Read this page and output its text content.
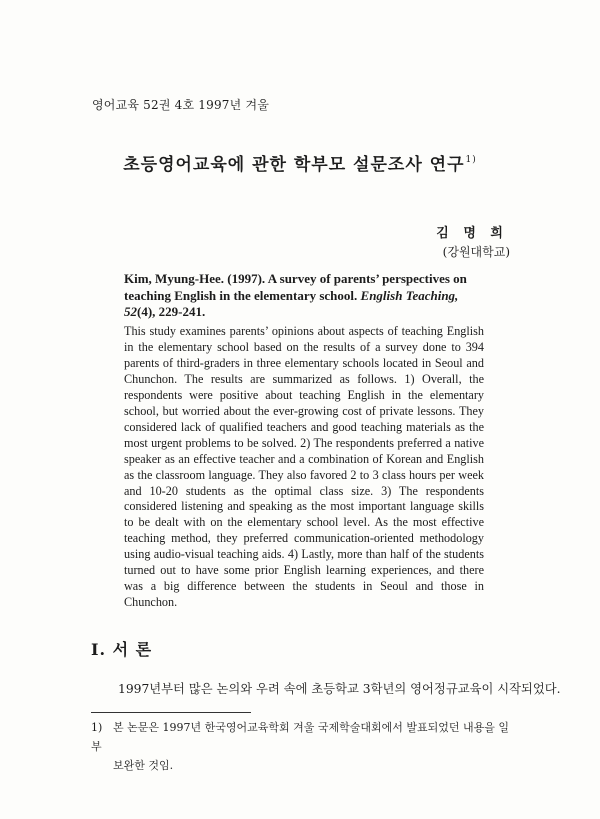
영어교육 52권 4호 1997년 겨울
초등영어교육에 관한 학부모 설문조사 연구$^{1)}$
김 명 희
(강원대학교)
Kim, Myung-Hee. (1997). A survey of parents’ perspectives on teaching English in the elementary school. English Teaching, 52(4), 229-241.
This study examines parents’ opinions about aspects of teaching English in the elementary school based on the results of a survey done to 394 parents of third-graders in three elementary schools located in Seoul and Chunchon. The results are summarized as follows. 1) Overall, the respondents were positive about teaching English in the elementary school, but worried about the ever-growing cost of private lessons. They considered lack of qualified teachers and good teaching materials as the most urgent problems to be solved. 2) The respondents preferred a native speaker as an effective teacher and a combination of Korean and English as the classroom language. They also favored 2 to 3 class hours per week and 10-20 students as the optimal class size. 3) The respondents considered listening and speaking as the most important language skills to be dealt with on the elementary school level. As the most effective teaching method, they preferred communication-oriented methodology using audio-visual teaching aids. 4) Lastly, more than half of the students turned out to have some prior English learning experiences, and there was a big difference between the students in Seoul and those in Chunchon.
I. 서 론
1997년부터 많은 논의와 우려 속에 초등학교 3학년의 영어정규교육이 시작되었다.
1) 본 논문은 1997년 한국영어교육학회 겨울 국제학술대회에서 발표되었던 내용을 일부
보완한 것임.
